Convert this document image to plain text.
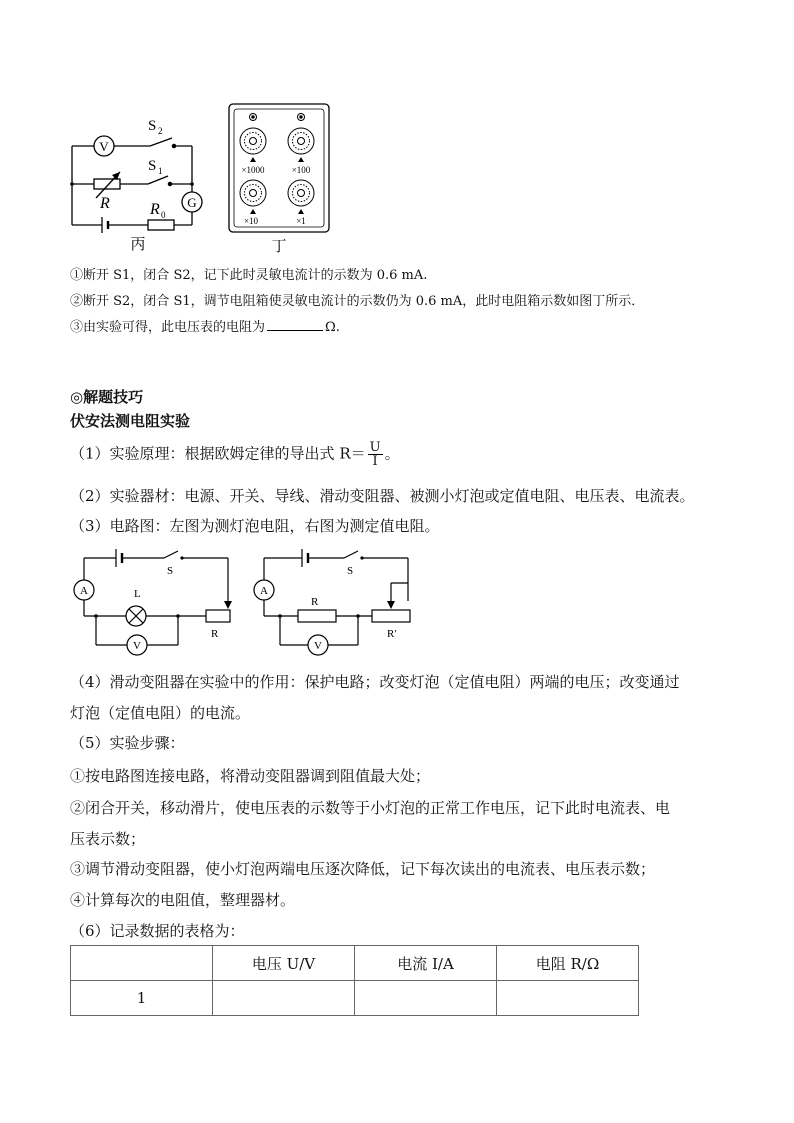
V
G
S 2
S 1
R	R 0
丙
×1000	×100
×10	×1
丁
①断开 S1，闭合 S2，记下此时灵敏电流计的示数为 0.6 mA.
②断开 S2，闭合 S1，调节电阻箱使灵敏电流计的示数仍为 0.6 mA，此时电阻箱示数如图丁所示．
③由实验可得，此电压表的电阻为	Ω.
◎解题技巧
伏安法测电阻实验
（1）实验原理：根据欧姆定律的导出式 $R= \frac{U}{I}$ 。
（2）实验器材：电源、开关、导线、滑动变阻器、被测小灯泡或定值电阻、电压表、电流表。
（3）电路图：左图为测灯泡电阻，右图为测定值电阻。
A
V
S
L
R
A
V
S
R
R′
（4）滑动变阻器在实验中的作用：保护电路；改变灯泡（定值电阻）两端的电压；改变通过
灯泡（定值电阻）的电流。
（5）实验步骤：
①按电路图连接电路，将滑动变阻器调到阻值最大处；
②闭合开关，移动滑片，使电压表的示数等于小灯泡的正常工作电压，记下此时电流表、电
压表示数；
③调节滑动变阻器，使小灯泡两端电压逐次降低，记下每次读出的电流表、电压表示数；
④计算每次的电阻值，整理器材。
（6）记录数据的表格为：
	电压 U/V	电流 I/A	电阻 R/Ω
1			
